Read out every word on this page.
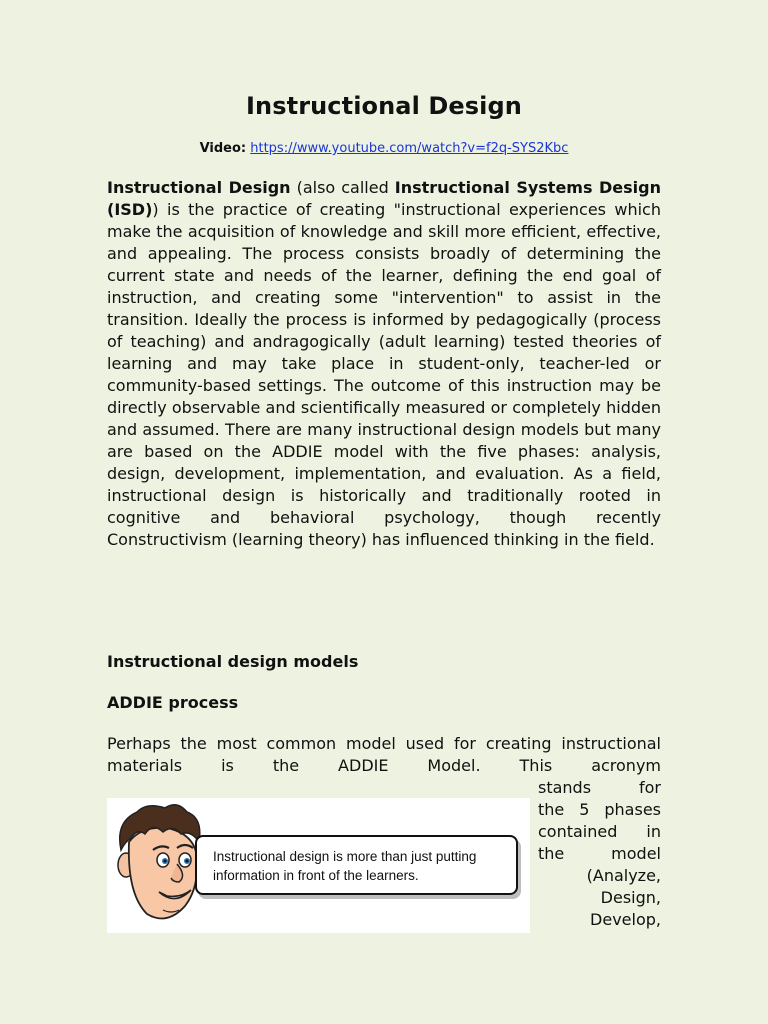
Instructional Design

Video: https://www.youtube.com/watch?v=f2q-SYS2Kbc

Instructional Design (also called Instructional Systems Design (ISD)) is the practice of creating "instructional experiences which make the acquisition of knowledge and skill more efficient, effective, and appealing. The process consists broadly of determining the current state and needs of the learner, defining the end goal of instruction, and creating some "intervention" to assist in the transition. Ideally the process is informed by pedagogically (process of teaching) and andragogically (adult learning) tested theories of learning and may take place in student-only, teacher-led or community-based settings. The outcome of this instruction may be directly observable and scientifically measured or completely hidden and assumed. There are many instructional design models but many are based on the ADDIE model with the five phases: analysis, design, development, implementation, and evaluation. As a field, instructional design is historically and traditionally rooted in cognitive and behavioral psychology, though recently Constructivism (learning theory) has influenced thinking in the field.

Instructional design models
ADDIE process

Perhaps the most common model used for creating instructional materials is the ADDIE Model. This acronym

stands for
the 5 phases
contained in
the model
(Analyze,
Design,
Develop,

Instructional design is more than just putting information in front of the learners.
